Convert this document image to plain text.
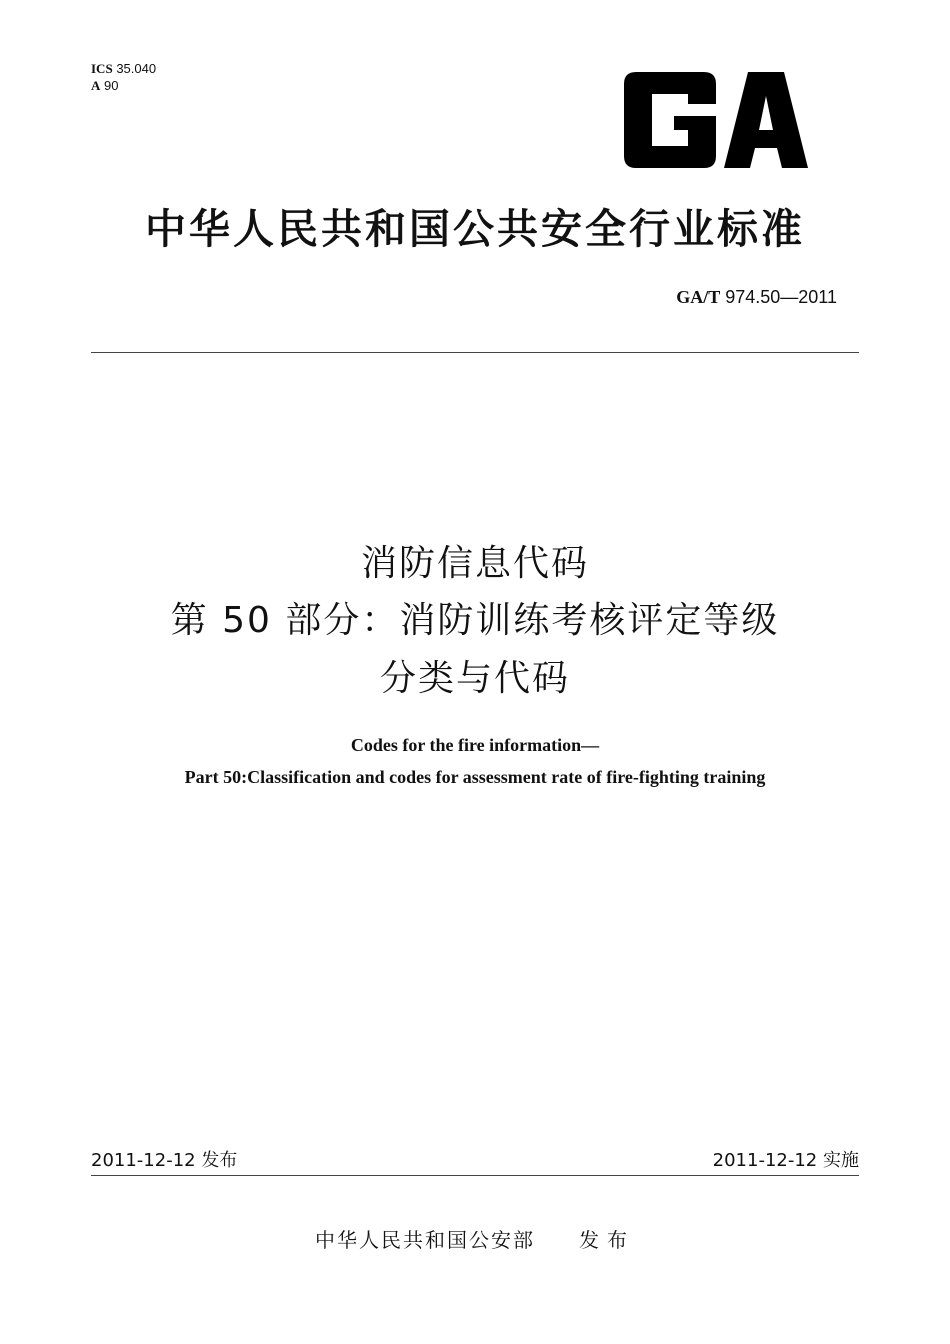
ICS 35.040
A 90
中华人民共和国公共安全行业标准
GA/T 974.50—2011
消防信息代码
第 50 部分：消防训练考核评定等级
分类与代码
Codes for the fire information—
Part 50:Classification and codes for assessment rate of fire-fighting training
2011-12-12 发布	2011-12-12 实施
中华人民共和国公安部 发布
